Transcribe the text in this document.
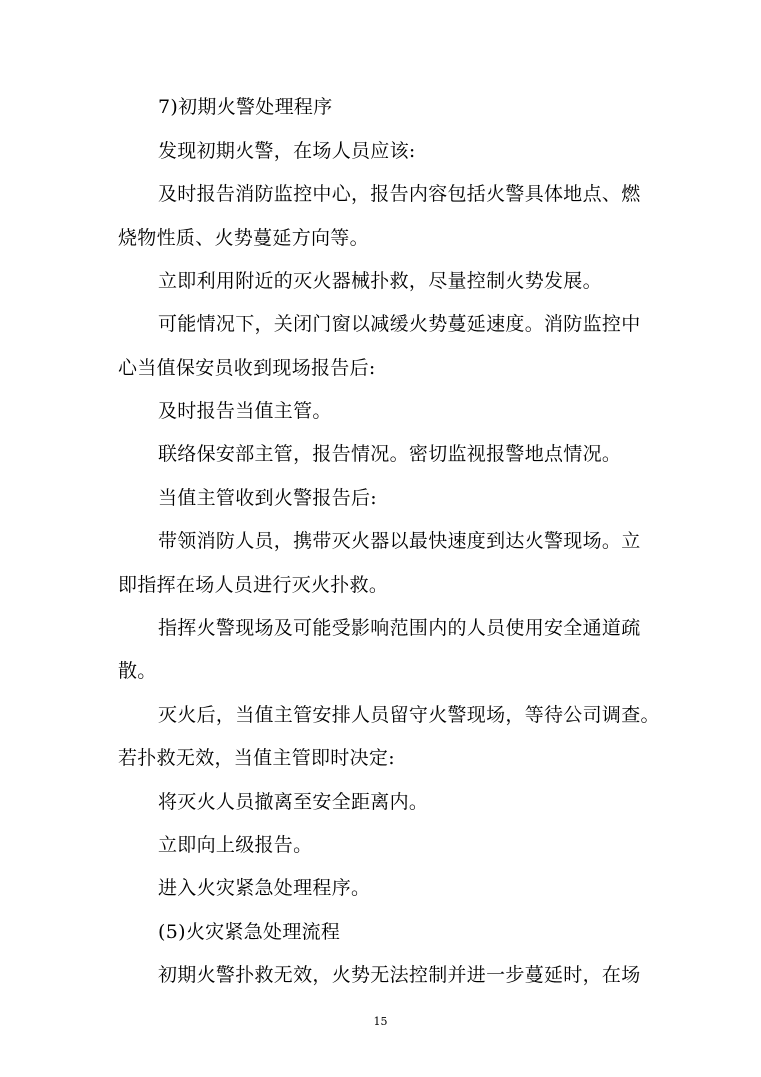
7)初期火警处理程序

发现初期火警，在场人员应该:

及时报告消防监控中心，报告内容包括火警具体地点、燃

烧物性质、火势蔓延方向等。

立即利用附近的灭火器械扑救，尽量控制火势发展。

可能情况下，关闭门窗以减缓火势蔓延速度。消防监控中

心当值保安员收到现场报告后:

及时报告当值主管。

联络保安部主管，报告情况。密切监视报警地点情况。

当值主管收到火警报告后:

带领消防人员，携带灭火器以最快速度到达火警现场。立

即指挥在场人员进行灭火扑救。

指挥火警现场及可能受影响范围内的人员使用安全通道疏

散。

灭火后，当值主管安排人员留守火警现场，等待公司调查。

若扑救无效，当值主管即时决定:

将灭火人员撤离至安全距离内。

立即向上级报告。

进入火灾紧急处理程序。

(5)火灾紧急处理流程

初期火警扑救无效，火势无法控制并进一步蔓延时，在场

15
